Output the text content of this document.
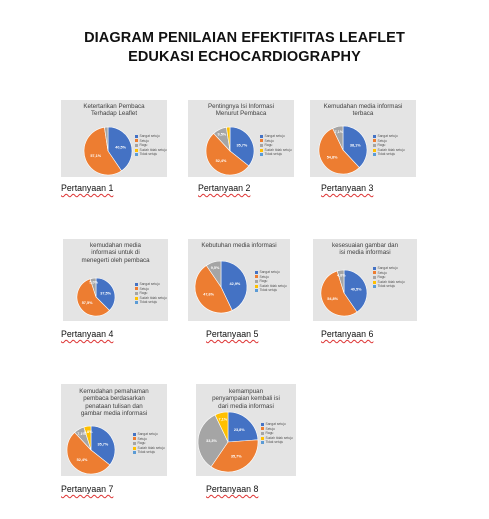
DIAGRAM PENILAIAN EFEKTIFITAS LEAFLET
EDUKASI ECHOCARDIOGRAPHY
Ketertarikan Pembaca
Terhadap Leaflet
40,5%
57,1%
Sangat setuju
Setuju
Ragu
Sudah tidak setuju
Tidak setuju
Pertanyaan 1
Pentingnya Isi Informasi
Menurut Pembaca
35,7%
52,4%
9,5%	Sangat setuju
Setuju
Ragu
Sudah tidak setuju
Tidak setuju
Pertanyaan 2
Kemudahan media informasi
terbaca
38,1%
54,8%
7,1%
Sangat setuju
Setuju
Ragu
Sudah tidak setuju
Tidak setuju
Pertanyaan 3
kemudahan media
informasi untuk di
menegerti oleh pembaca
37,5%
57,5%
5,0%	Sangat setuju
Setuju
Ragu
Sudah tidak setuju
Tidak setuju
Pertanyaan 4
Kebutuhan media informasi
42,9%
47,6%
9,5%
Sangat setuju
Setuju
Ragu
Sudah tidak setuju
Tidak setuju
Pertanyaan 5
kesesuaian gambar dan
isi media informasi
40,5%
54,8%
4,8%
Sangat setuju
Setuju
Ragu
Sudah tidak setuju
Tidak setuju
Pertanyaan 6
Kemudahan pemahaman
pembaca berdasarkan
penataan tulisan dan
gambar media informasi
35,7%
52,4%
7,1%
4,8%
Sangat setuju
Setuju
Ragu
Sudah tidak setuju
Tidak setuju
Pertanyaan 7
kemampuan
penyampaian kembali isi
dari media informasi
23,8%
35,7%
33,3%
7,1%
Sangat setuju
Setuju
Ragu
Sudah tidak setuju
Tidak setuju
Pertanyaan 8
